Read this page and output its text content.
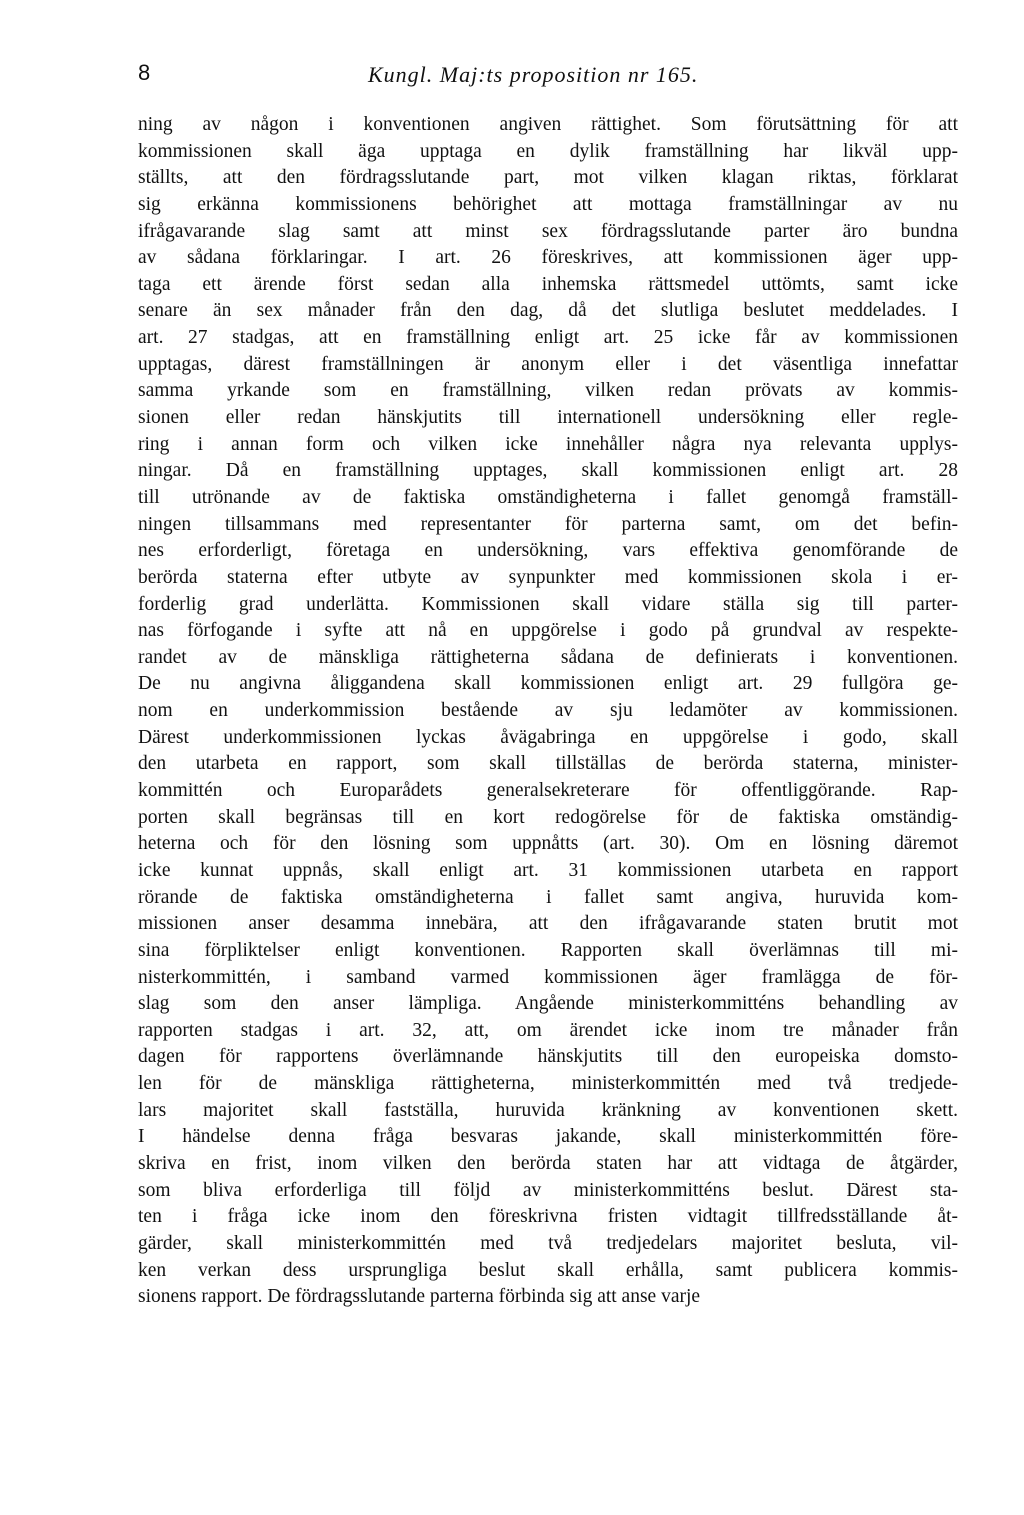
8	Kungl. Maj:ts proposition nr 165.
ning av någon i konventionen angiven rättighet. Som förutsättning för att
kommissionen skall äga upptaga en dylik framställning har likväl upp-
ställts, att den fördragsslutande part, mot vilken klagan riktas, förklarat
sig erkänna kommissionens behörighet att mottaga framställningar av nu
ifrågavarande slag samt att minst sex fördragsslutande parter äro bundna
av sådana förklaringar. I art. 26 föreskrives, att kommissionen äger upp-
taga ett ärende först sedan alla inhemska rättsmedel uttömts, samt icke
senare än sex månader från den dag, då det slutliga beslutet meddelades. I
art. 27 stadgas, att en framställning enligt art. 25 icke får av kommissionen
upptagas, därest framställningen är anonym eller i det väsentliga innefattar
samma yrkande som en framställning, vilken redan prövats av kommis-
sionen eller redan hänskjutits till internationell undersökning eller regle-
ring i annan form och vilken icke innehåller några nya relevanta upplys-
ningar. Då en framställning upptages, skall kommissionen enligt art. 28
till utrönande av de faktiska omständigheterna i fallet genomgå framställ-
ningen tillsammans med representanter för parterna samt, om det befin-
nes erforderligt, företaga en undersökning, vars effektiva genomförande de
berörda staterna efter utbyte av synpunkter med kommissionen skola i er-
forderlig grad underlätta. Kommissionen skall vidare ställa sig till parter-
nas förfogande i syfte att nå en uppgörelse i godo på grundval av respekte-
randet av de mänskliga rättigheterna sådana de definierats i konventionen.
De nu angivna åliggandena skall kommissionen enligt art. 29 fullgöra ge-
nom en underkommission bestående av sju ledamöter av kommissionen.
Därest underkommissionen lyckas åvägabringa en uppgörelse i godo, skall
den utarbeta en rapport, som skall tillställas de berörda staterna, minister-
kommittén och Europarådets generalsekreterare för offentliggörande. Rap-
porten skall begränsas till en kort redogörelse för de faktiska omständig-
heterna och för den lösning som uppnåtts (art. 30). Om en lösning däremot
icke kunnat uppnås, skall enligt art. 31 kommissionen utarbeta en rapport
rörande de faktiska omständigheterna i fallet samt angiva, huruvida kom-
missionen anser desamma innebära, att den ifrågavarande staten brutit mot
sina förpliktelser enligt konventionen. Rapporten skall överlämnas till mi-
nisterkommittén, i samband varmed kommissionen äger framlägga de för-
slag som den anser lämpliga. Angående ministerkommitténs behandling av
rapporten stadgas i art. 32, att, om ärendet icke inom tre månader från
dagen för rapportens överlämnande hänskjutits till den europeiska domsto-
len för de mänskliga rättigheterna, ministerkommittén med två tredjede-
lars majoritet skall fastställa, huruvida kränkning av konventionen skett.
I händelse denna fråga besvaras jakande, skall ministerkommittén före-
skriva en frist, inom vilken den berörda staten har att vidtaga de åtgärder,
som bliva erforderliga till följd av ministerkommitténs beslut. Därest sta-
ten i fråga icke inom den föreskrivna fristen vidtagit tillfredsställande åt-
gärder, skall ministerkommittén med två tredjedelars majoritet besluta, vil-
ken verkan dess ursprungliga beslut skall erhålla, samt publicera kommis-
sionens rapport. De fördragsslutande parterna förbinda sig att anse varje
